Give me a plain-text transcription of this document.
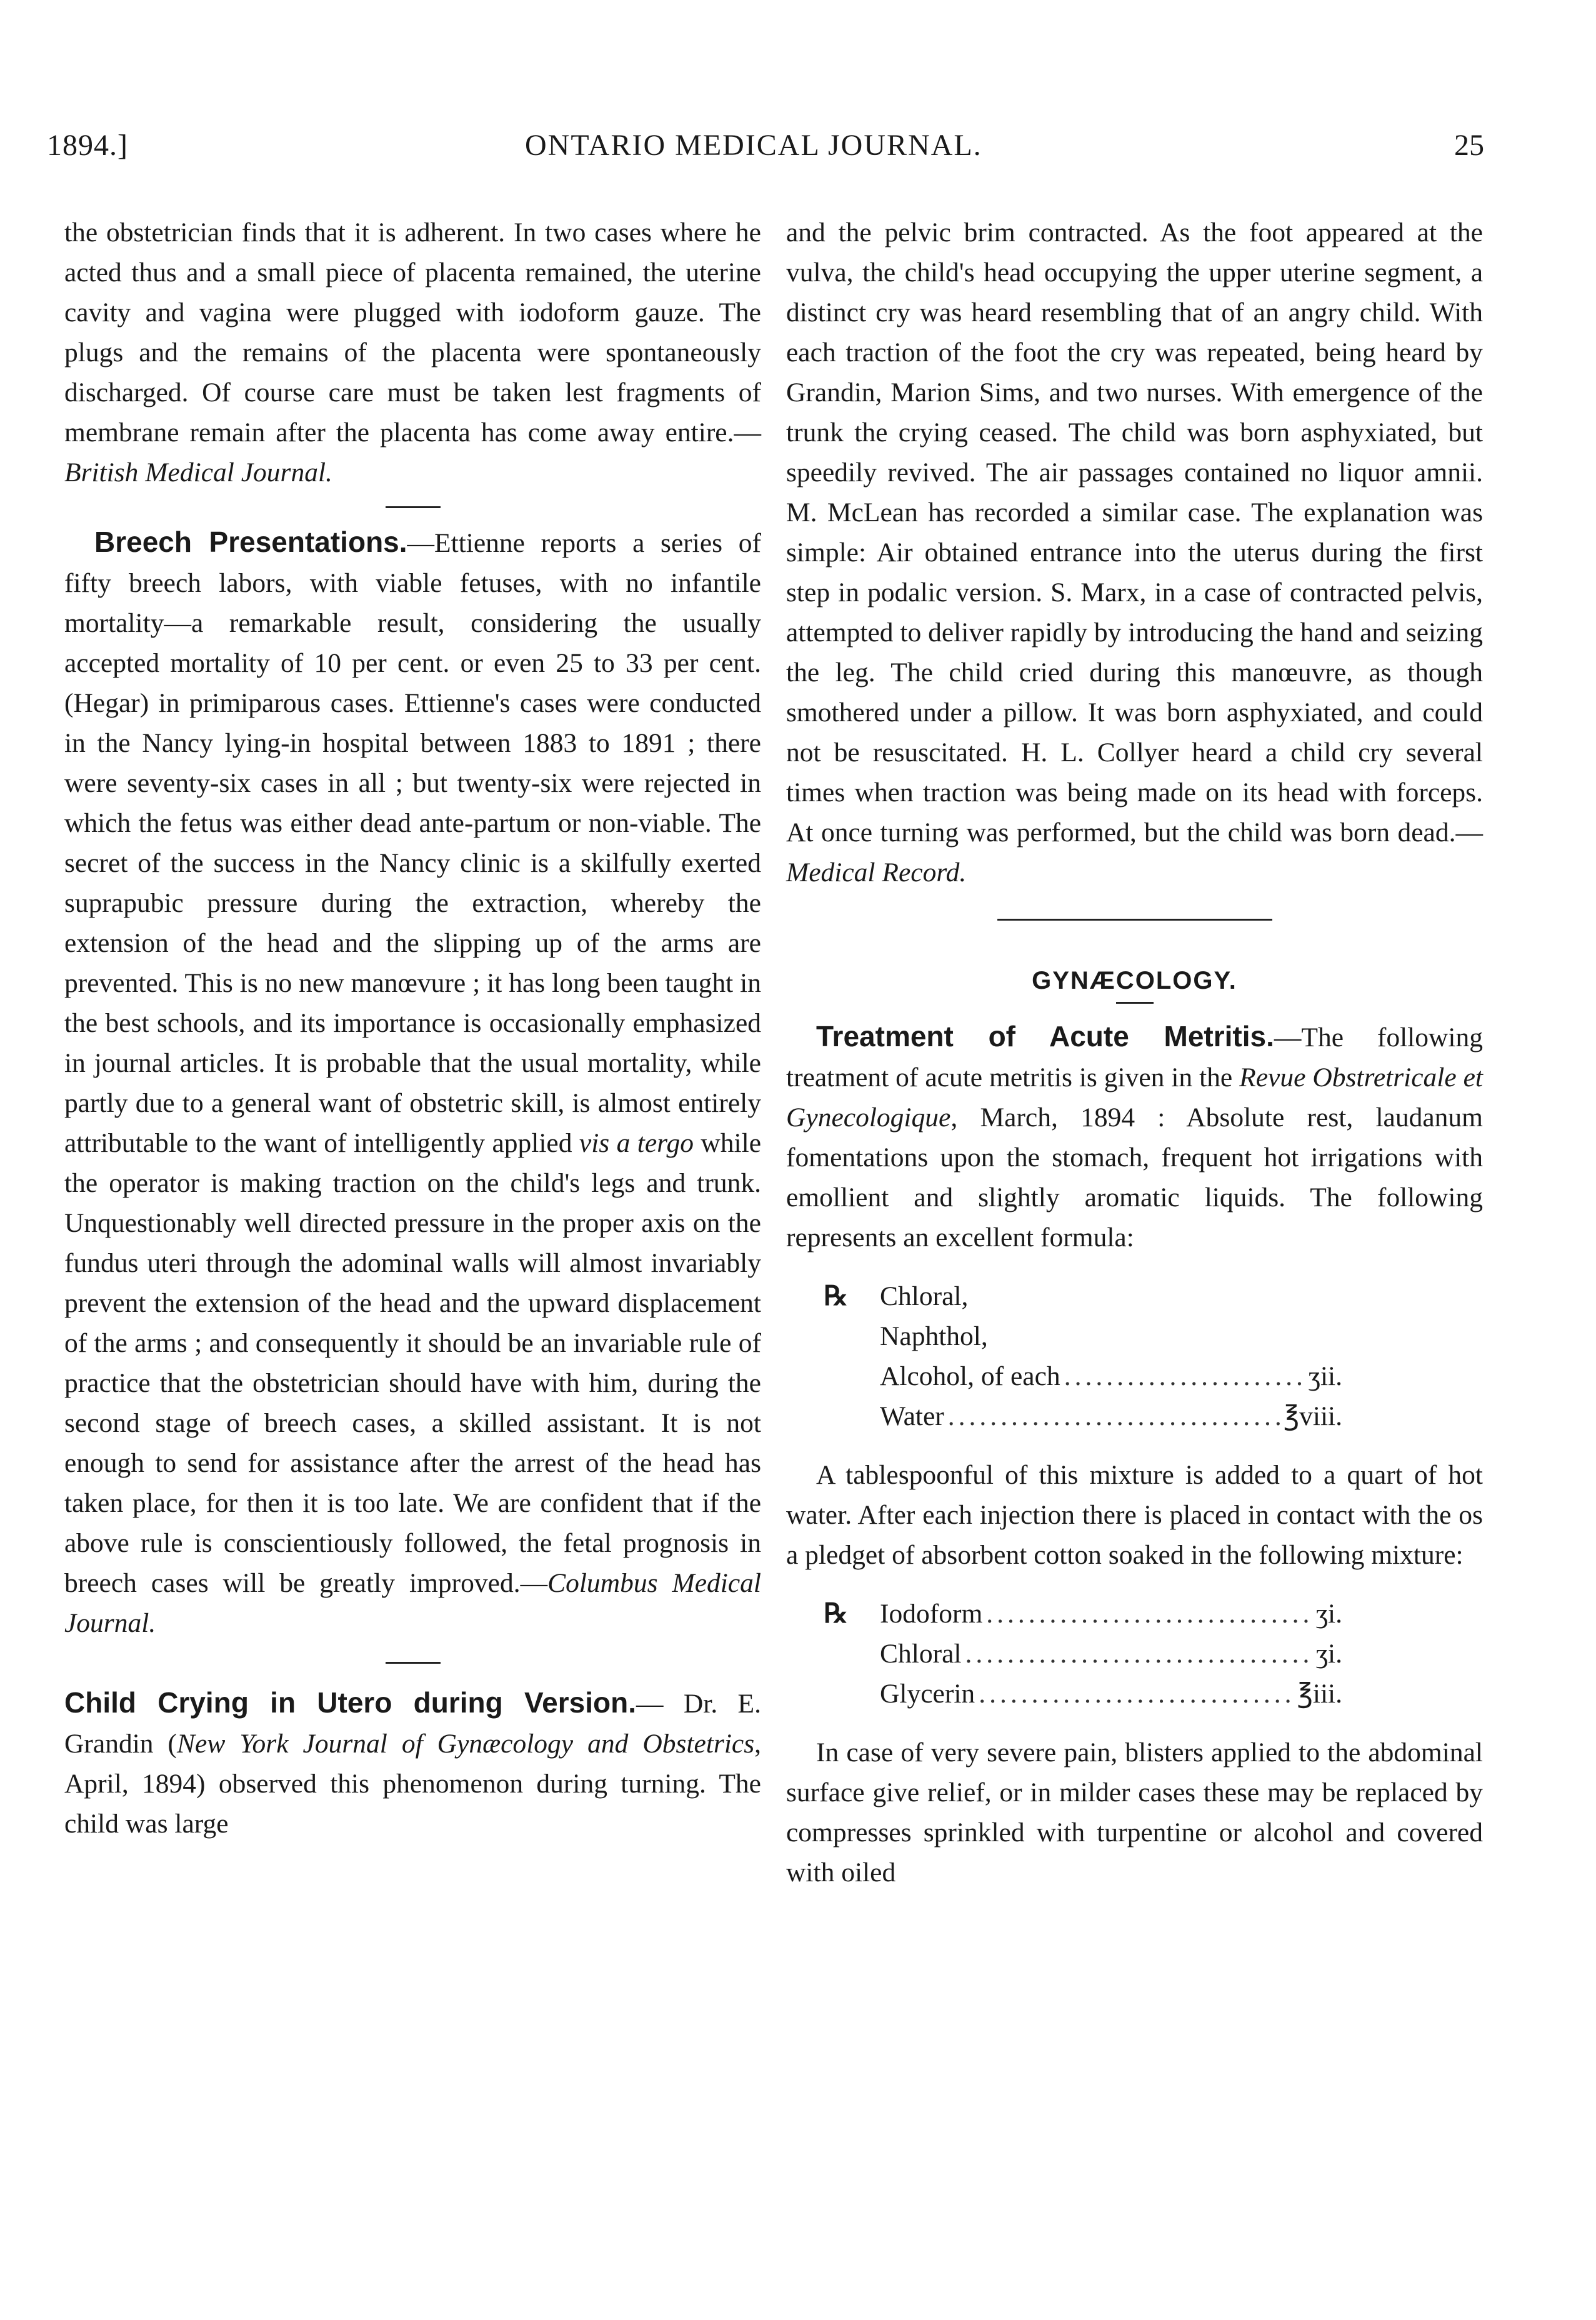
1894.]	ONTARIO MEDICAL JOURNAL.	25

the obstetrician finds that it is adherent. In two cases where he acted thus and a small piece of placenta remained, the uterine cavity and vagina were plugged with iodoform gauze. The plugs and the remains of the placenta were spontaneously discharged. Of course care must be taken lest fragments of membrane remain after the placenta has come away entire.—British Medical Journal.

Breech Presentations.—Ettienne reports a series of fifty breech labors, with viable fetuses, with no infantile mortality—a remarkable result, considering the usually accepted mortality of 10 per cent. or even 25 to 33 per cent. (Hegar) in primiparous cases. Ettienne's cases were conducted in the Nancy lying-in hospital between 1883 to 1891 ; there were seventy-six cases in all ; but twenty-six were rejected in which the fetus was either dead ante-partum or non-viable. The secret of the success in the Nancy clinic is a skilfully exerted suprapubic pressure during the extraction, whereby the extension of the head and the slipping up of the arms are prevented. This is no new manœvure ; it has long been taught in the best schools, and its importance is occasionally emphasized in journal articles. It is probable that the usual mortality, while partly due to a general want of obstetric skill, is almost entirely attributable to the want of intelligently applied vis a tergo while the operator is making traction on the child's legs and trunk. Unquestionably well directed pressure in the proper axis on the fundus uteri through the adominal walls will almost invariably prevent the extension of the head and the upward displacement of the arms ; and consequently it should be an invariable rule of practice that the obstetrician should have with him, during the second stage of breech cases, a skilled assistant. It is not enough to send for assistance after the arrest of the head has taken place, for then it is too late. We are confident that if the above rule is conscientiously followed, the fetal prognosis in breech cases will be greatly improved.—Columbus Medical Journal.

Child Crying in Utero during Version.— Dr. E. Grandin (New York Journal of Gynæcology and Obstetrics, April, 1894) observed this phenomenon during turning. The child was large

and the pelvic brim contracted. As the foot appeared at the vulva, the child's head occupying the upper uterine segment, a distinct cry was heard resembling that of an angry child. With each traction of the foot the cry was repeated, being heard by Grandin, Marion Sims, and two nurses. With emergence of the trunk the crying ceased. The child was born asphyxiated, but speedily revived. The air passages contained no liquor amnii. M. McLean has recorded a similar case. The explanation was simple: Air obtained entrance into the uterus during the first step in podalic version. S. Marx, in a case of contracted pelvis, attempted to deliver rapidly by introducing the hand and seizing the leg. The child cried during this manœuvre, as though smothered under a pillow. It was born asphyxiated, and could not be resuscitated. H. L. Collyer heard a child cry several times when traction was being made on its head with forceps. At once turning was performed, but the child was born dead.—Medical Record.

GYNÆCOLOGY.

Treatment of Acute Metritis.—The following treatment of acute metritis is given in the Revue Obstretricale et Gynecologique, March, 1894 : Absolute rest, laudanum fomentations upon the stomach, frequent hot irrigations with emollient and slightly aromatic liquids. The following represents an excellent formula:

℞ Chloral,
Naphthol,
Alcohol, of each .....	ʒii.
Water .....	℥viii.

A tablespoonful of this mixture is added to a quart of hot water. After each injection there is placed in contact with the os a pledget of absorbent cotton soaked in the following mixture:

℞ Iodoform .....	ʒi.
Chloral .....	ʒi.
Glycerin .....	℥iii.

In case of very severe pain, blisters applied to the abdominal surface give relief, or in milder cases these may be replaced by compresses sprinkled with turpentine or alcohol and covered with oiled
